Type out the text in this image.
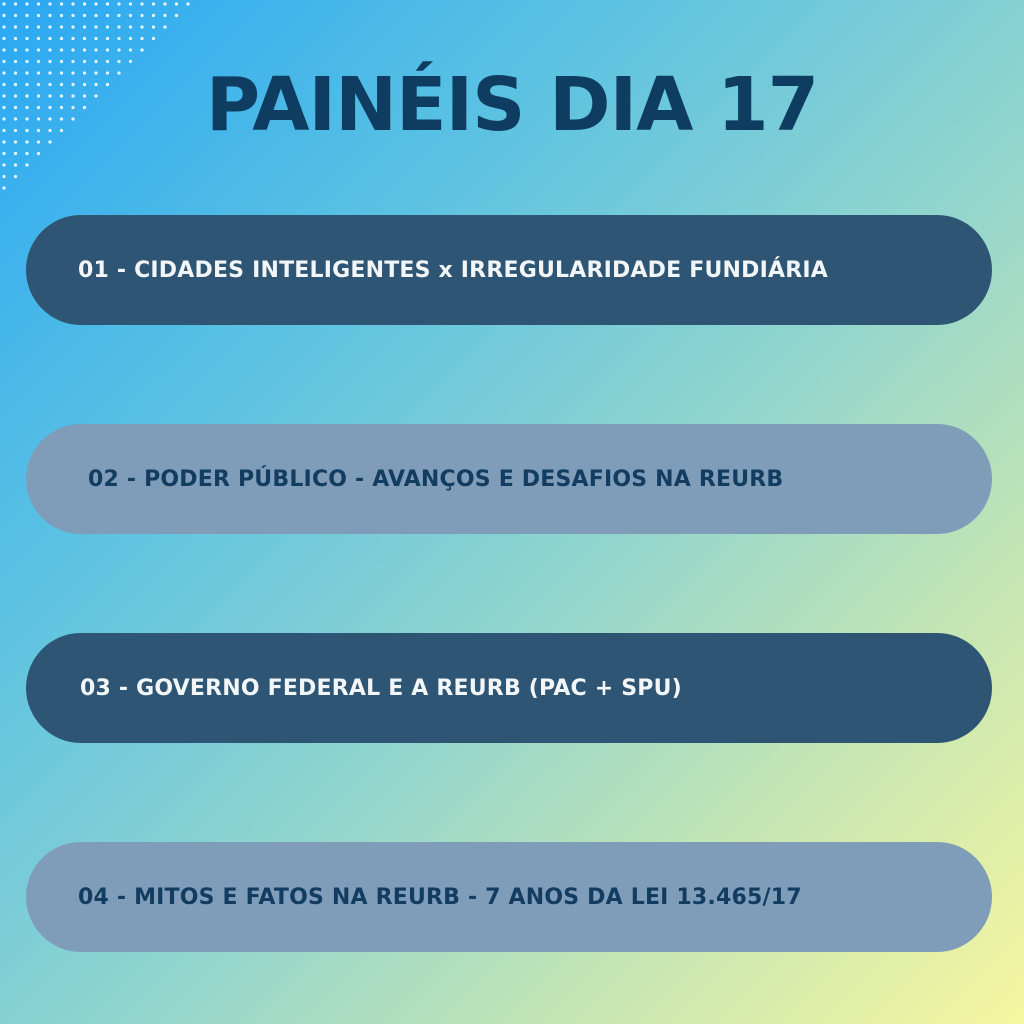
PAINÉIS DIA 17
01 - CIDADES INTELIGENTES x IRREGULARIDADE FUNDIÁRIA
02 - PODER PÚBLICO - AVANÇOS E DESAFIOS NA REURB
03 - GOVERNO FEDERAL E A REURB (PAC + SPU)
04 - MITOS E FATOS NA REURB - 7 ANOS DA LEI 13.465/17
